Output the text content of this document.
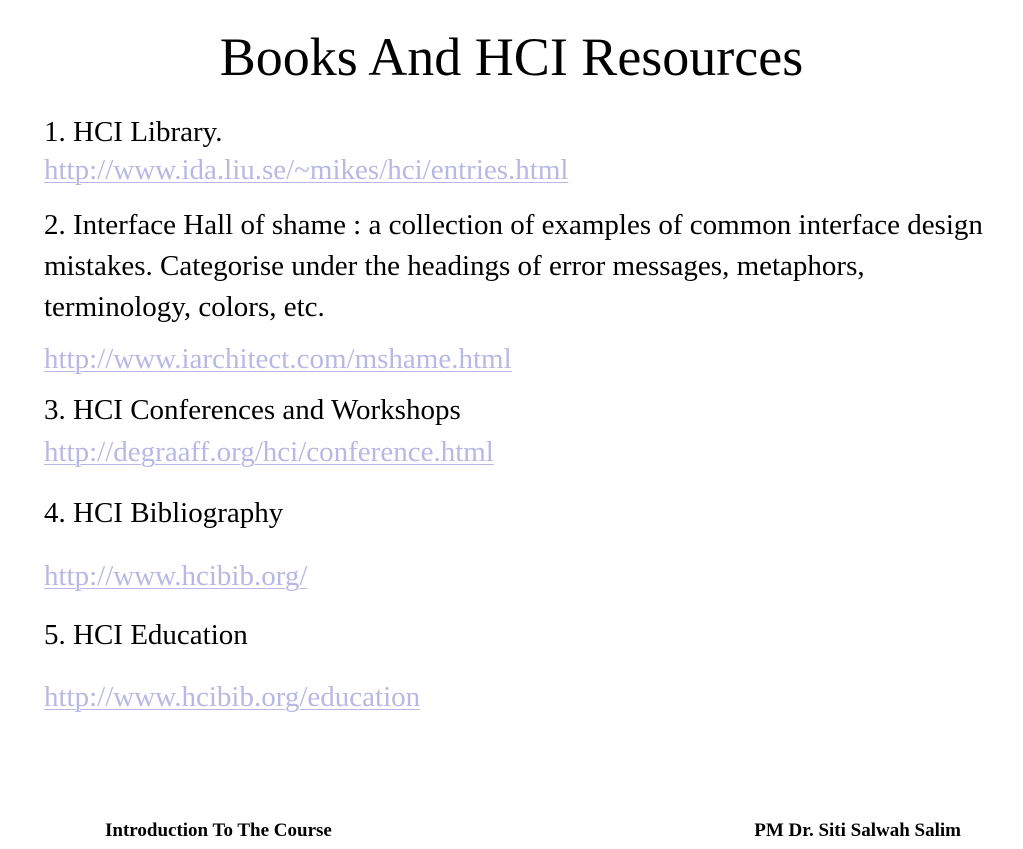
Books And HCI Resources

1. HCI Library.

http://www.ida.liu.se/~mikes/hci/entries.html

2. Interface Hall of shame : a collection of examples of common interface design mistakes. Categorise under the headings of error messages, metaphors, terminology, colors, etc.

http://www.iarchitect.com/mshame.html

3. HCI Conferences and Workshops

http://degraaff.org/hci/conference.html

4. HCI Bibliography

http://www.hcibib.org/

5. HCI Education

http://www.hcibib.org/education
Introduction To The Course	PM Dr. Siti Salwah Salim
